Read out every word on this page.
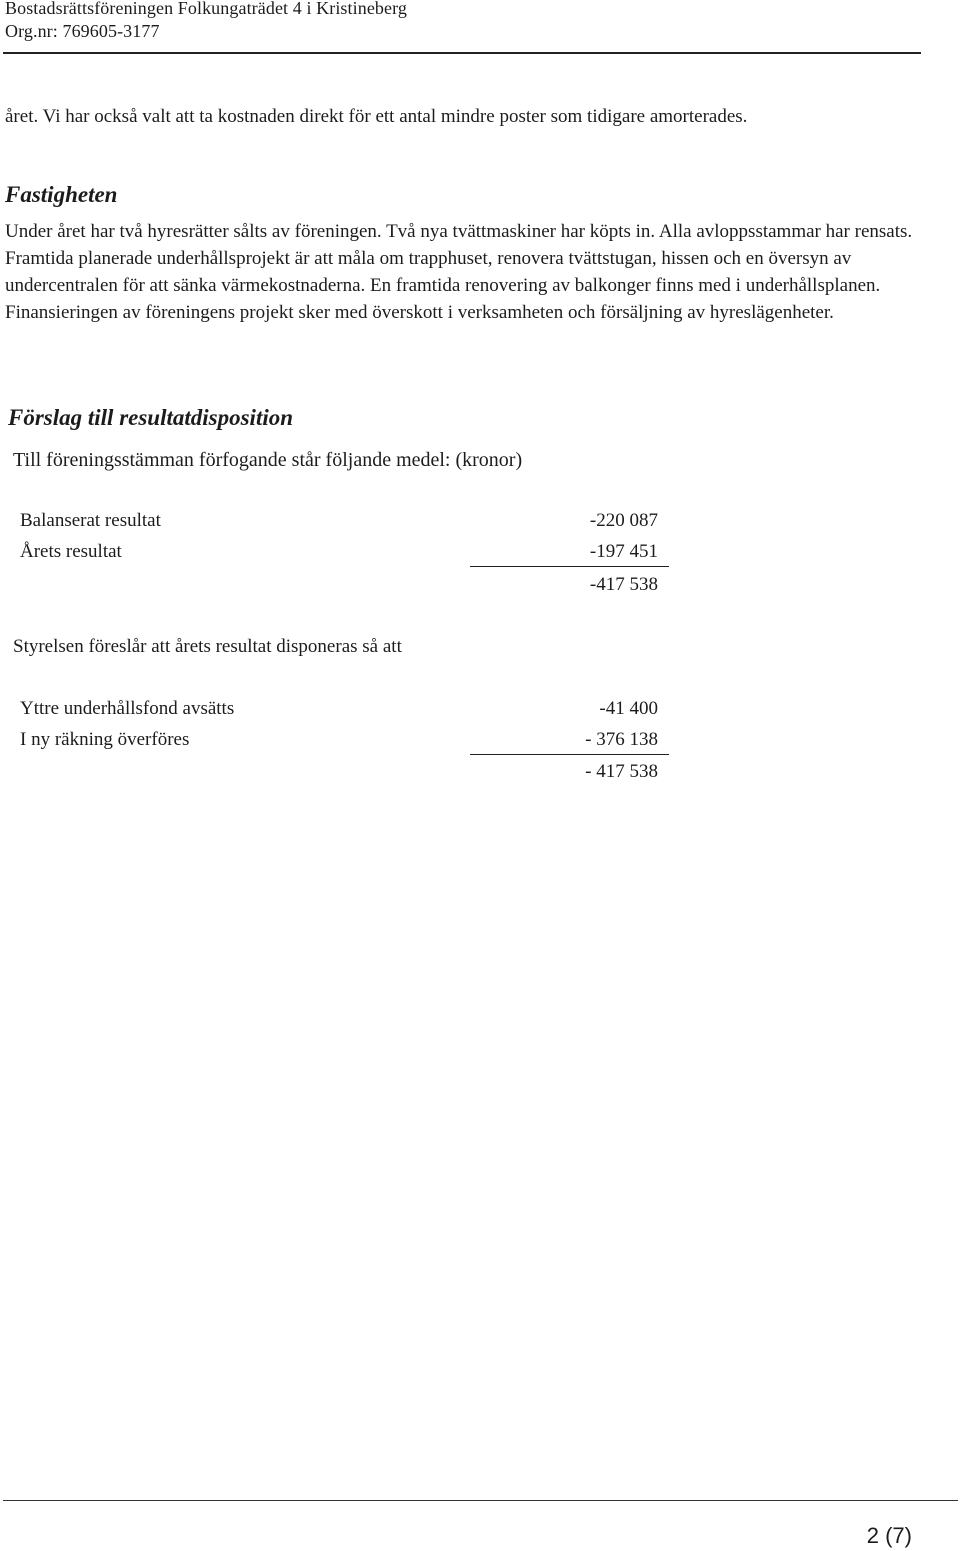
Bostadsrättsföreningen Folkungaträdet 4 i Kristineberg
Org.nr: 769605-3177

året. Vi har också valt att ta kostnaden direkt för ett antal mindre poster som tidigare amorterades.

Fastigheten

Under året har två hyresrätter sålts av föreningen. Två nya tvättmaskiner har köpts in. Alla avloppsstammar har rensats. Framtida planerade underhållsprojekt är att måla om trapphuset, renovera tvättstugan, hissen och en översyn av undercentralen för att sänka värmekostnaderna. En framtida renovering av balkonger finns med i underhållsplanen. Finansieringen av föreningens projekt sker med överskott i verksamheten och försäljning av hyreslägenheter.

Förslag till resultatdisposition
Till föreningsstämman förfogande står följande medel: (kronor)
Balanserat resultat	-220 087
Årets resultat	-197 451
-417 538
Styrelsen föreslår att årets resultat disponeras så att
Yttre underhållsfond avsätts	-41 400
I ny räkning överföres	- 376 138
- 417 538
2 (7)
